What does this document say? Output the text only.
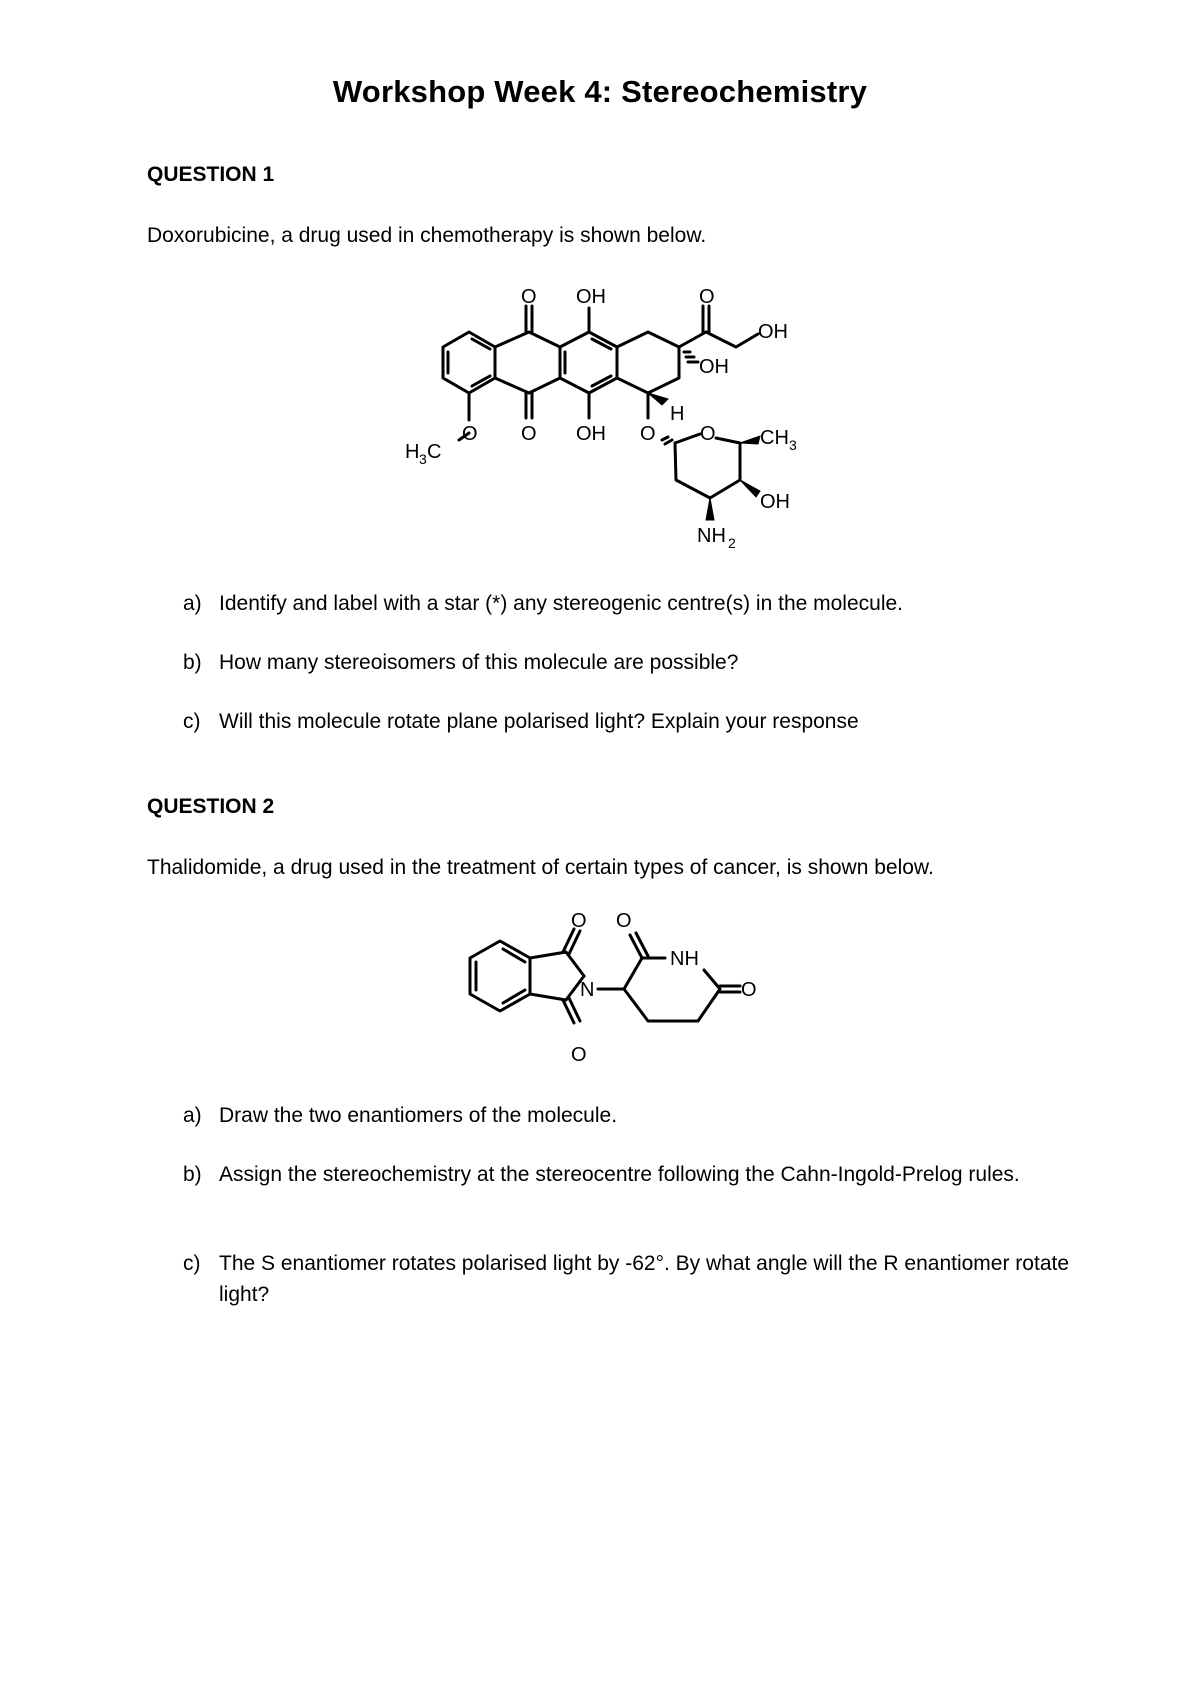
Workshop Week 4: Stereochemistry
QUESTION 1
Doxorubicine, a drug used in chemotherapy is shown below.
O OH	O
OH
OH
H
H 3 C
O O OH O O CH 3
OH
NH 2
a) Identify and label with a star (*) any stereogenic centre(s) in the molecule.
b) How many stereoisomers of this molecule are possible?
c) Will this molecule rotate plane polarised light? Explain your response
QUESTION 2
Thalidomide, a drug used in the treatment of certain types of cancer, is shown below.
O O
N
NH
O
O
a) Draw the two enantiomers of the molecule.
b) Assign the stereochemistry at the stereocentre following the Cahn-Ingold-Prelog rules.
c) The S enantiomer rotates polarised light by -62°. By what angle will the R enantiomer rotate light?
